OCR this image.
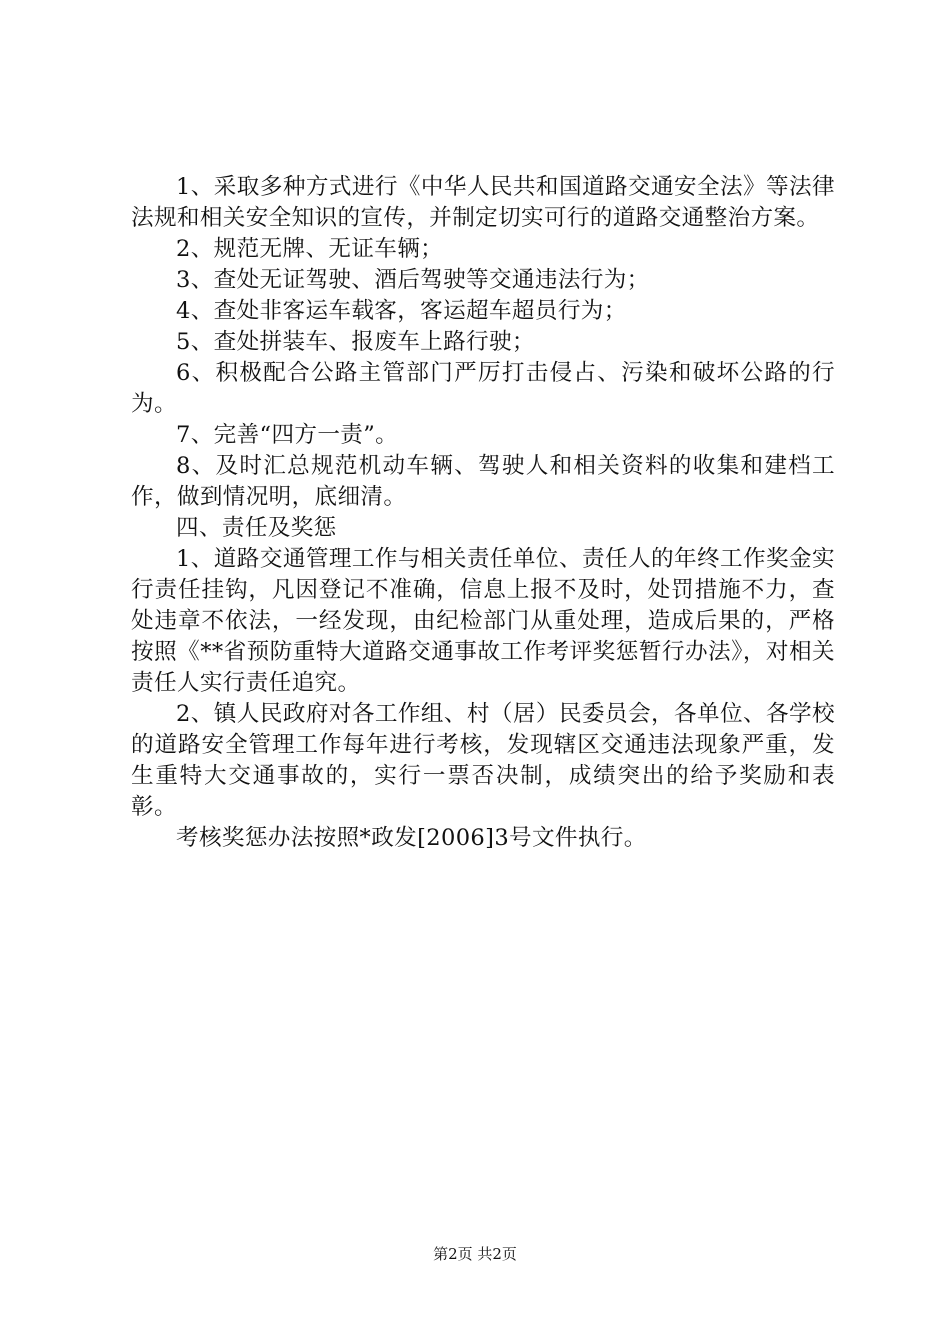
1、采取多种方式进行《中华人民共和国道路交通安全法》等法律法规和相关安全知识的宣传，并制定切实可行的道路交通整治方案。

2、规范无牌、无证车辆；

3、查处无证驾驶、酒后驾驶等交通违法行为；

4、查处非客运车载客，客运超车超员行为；

5、查处拼装车、报废车上路行驶；

6、积极配合公路主管部门严厉打击侵占、污染和破坏公路的行为。

7、完善“四方一责”。

8、及时汇总规范机动车辆、驾驶人和相关资料的收集和建档工作，做到情况明，底细清。

四、责任及奖惩

1、道路交通管理工作与相关责任单位、责任人的年终工作奖金实行责任挂钩，凡因登记不准确，信息上报不及时，处罚措施不力，查处违章不依法，一经发现，由纪检部门从重处理，造成后果的，严格按照《**省预防重特大道路交通事故工作考评奖惩暂行办法》，对相关责任人实行责任追究。

2、镇人民政府对各工作组、村（居）民委员会，各单位、各学校的道路安全管理工作每年进行考核，发现辖区交通违法现象严重，发生重特大交通事故的，实行一票否决制，成绩突出的给予奖励和表彰。

考核奖惩办法按照*政发[2006]3号文件执行。

第2页 共2页
